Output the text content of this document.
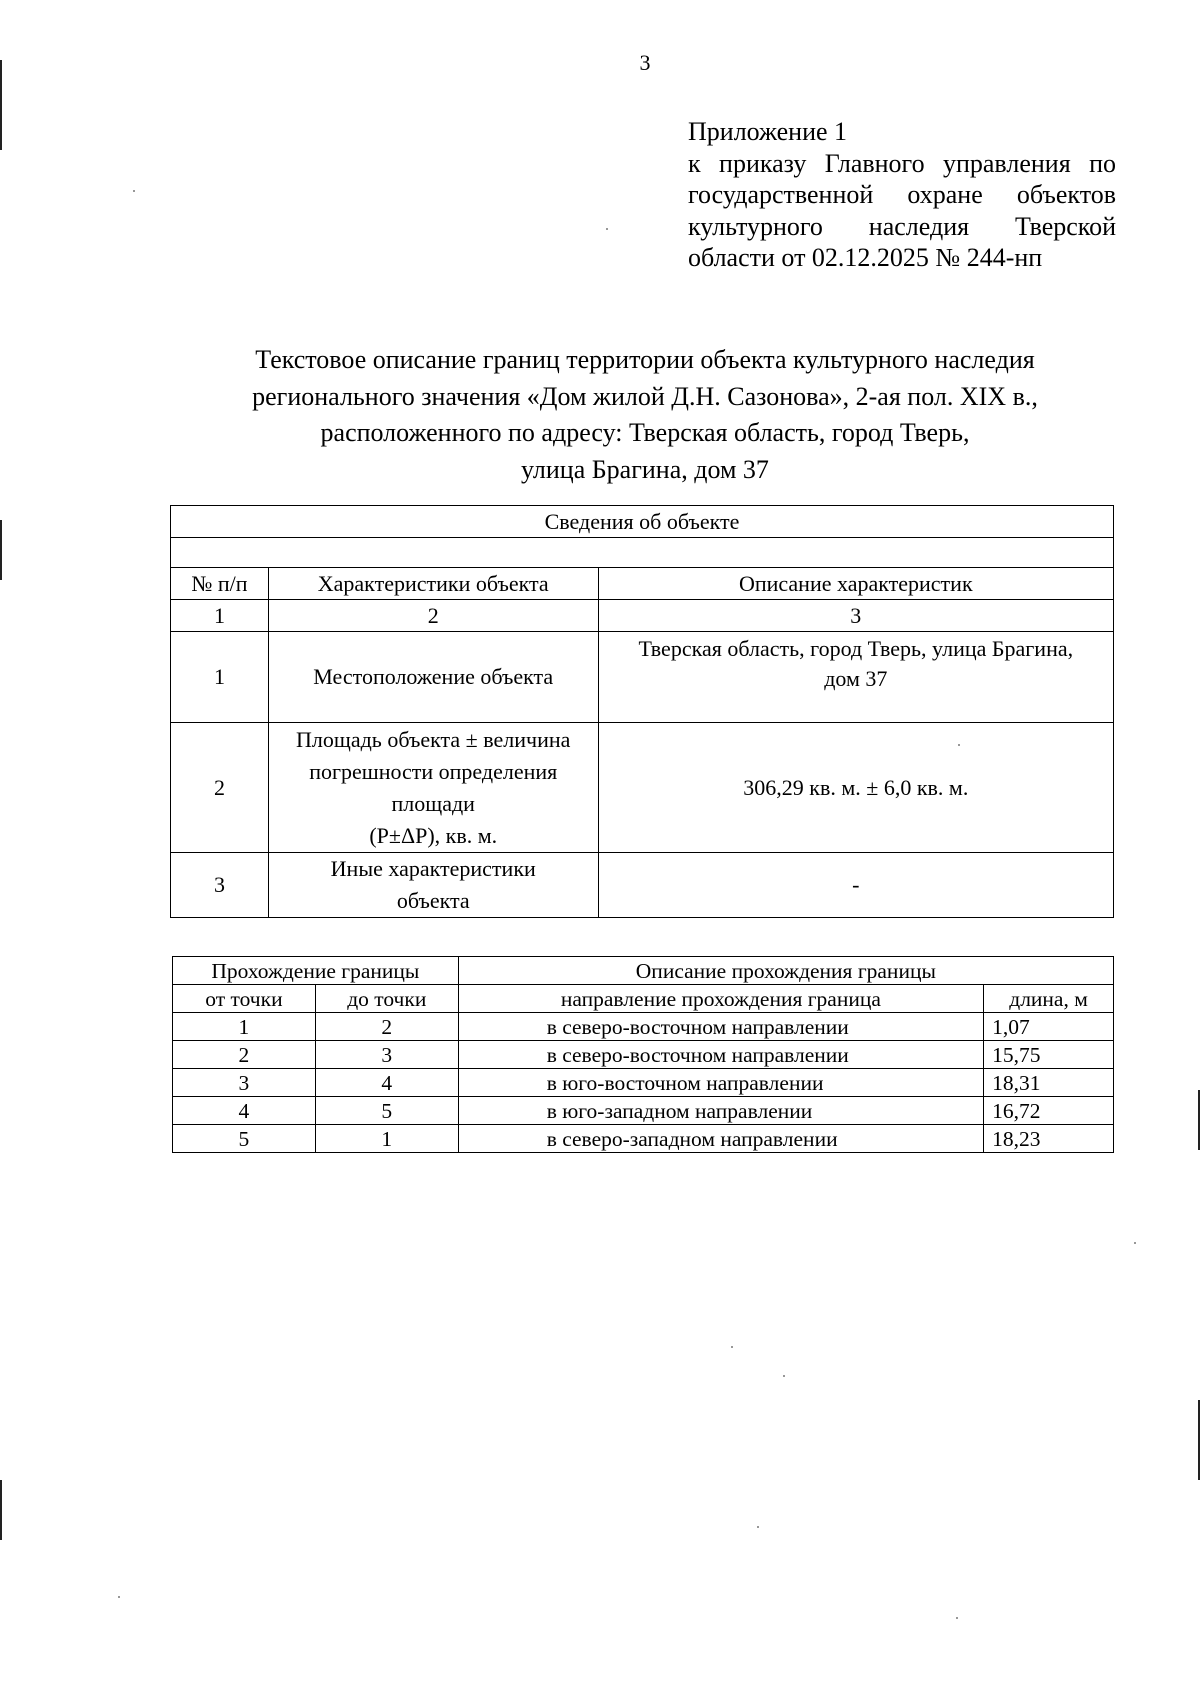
3
Приложение 1
к приказу Главного управления по
государственной охране объектов
культурного наследия Тверской
области от 02.12.2025 № 244-нп
Текстовое описание границ территории объекта культурного наследия
регионального значения «Дом жилой Д.Н. Сазонова», 2-ая пол. XIX в.,
расположенного по адресу: Тверская область, город Тверь,
улица Брагина, дом 37
Сведения об объекте		

№ п/п	Характеристики объекта	Описание характеристик
1	2	3
1	Местоположение объекта	Тверская область, город Тверь, улица Брагина,
дом 37

2	Площадь объекта ± величина
погрешности определения
площади
(Р±ΔР), кв. м.	306,29 кв. м. ± 6,0 кв. м.

3	Иные характеристики
объекта	-
Прохождение границы		Описание прохождения границы	
от точки	до точки	направление прохождения граница	длина, м
1	2	в северо-восточном направлении	1,07
2	3	в северо-восточном направлении	15,75
3	4	в юго-восточном направлении	18,31
4	5	в юго-западном направлении	16,72
5	1	в северо-западном направлении	18,23
